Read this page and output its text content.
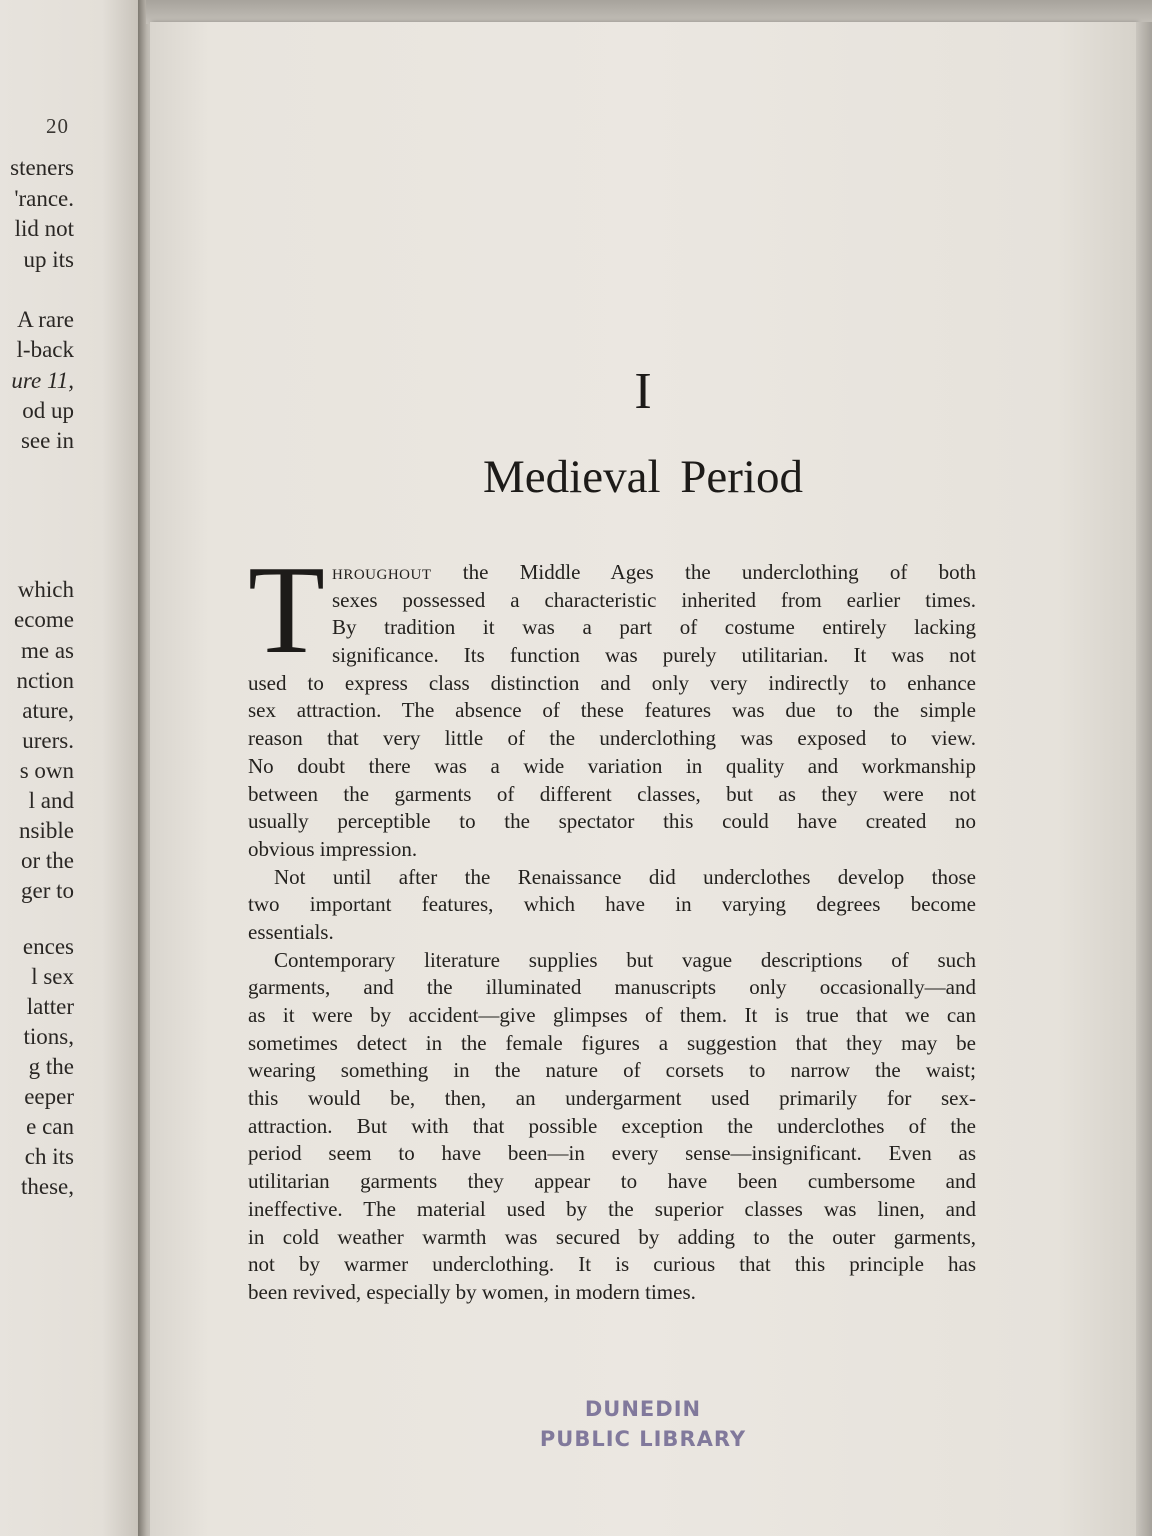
20
steners
'rance.
lid not
up its
A rare
l-back
ure 11,
od up
see in
which
ecome
me as
nction
ature,
urers.
s own
l and
nsible
or the
ger to
ences
l sex
latter
tions,
g the
eeper
e can
ch its
these,
I
Medieval Period
T hroughout the Middle Ages the underclothing of both
sexes possessed a characteristic inherited from earlier times.
By tradition it was a part of costume entirely lacking
significance. Its function was purely utilitarian. It was not
used to express class distinction and only very indirectly to enhance
sex attraction. The absence of these features was due to the simple
reason that very little of the underclothing was exposed to view.
No doubt there was a wide variation in quality and workmanship
between the garments of different classes, but as they were not
usually perceptible to the spectator this could have created no
obvious impression.
Not until after the Renaissance did underclothes develop those
two important features, which have in varying degrees become
essentials.
Contemporary literature supplies but vague descriptions of such
garments, and the illuminated manuscripts only occasionally—and
as it were by accident—give glimpses of them. It is true that we can
sometimes detect in the female figures a suggestion that they may be
wearing something in the nature of corsets to narrow the waist;
this would be, then, an undergarment used primarily for sex-
attraction. But with that possible exception the underclothes of the
period seem to have been—in every sense—insignificant. Even as
utilitarian garments they appear to have been cumbersome and
ineffective. The material used by the superior classes was linen, and
in cold weather warmth was secured by adding to the outer garments,
not by warmer underclothing. It is curious that this principle has
been revived, especially by women, in modern times.
DUNEDIN
PUBLIC LIBRARY
